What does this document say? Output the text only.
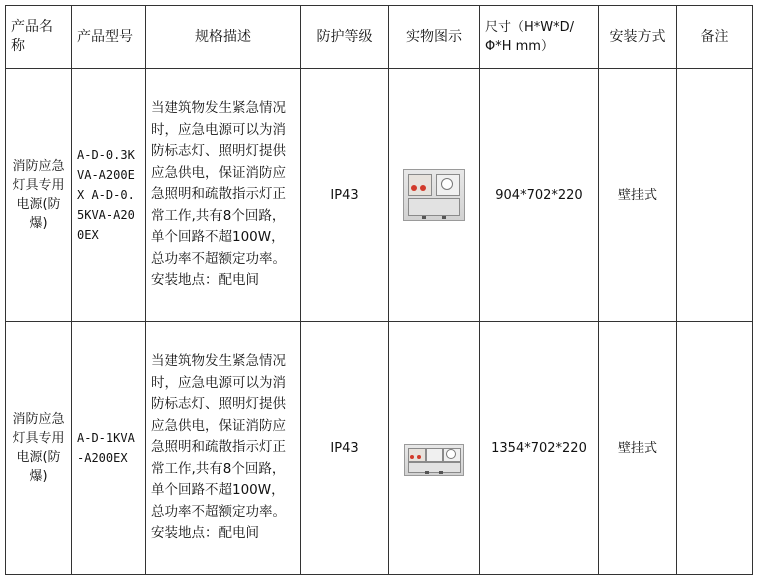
产品名称	产品型号	规格描述	防护等级	实物图示	尺寸（H*W*D/Φ*H mm）	安装方式	备注
消防应急灯具专用电源(防爆)	A-D-0.3KVA-A200EX A-D-0.5KVA-A200EX	当建筑物发生紧急情况时，应急电源可以为消防标志灯、照明灯提供应急供电，保证消防应急照明和疏散指示灯正常工作,共有8个回路，单个回路不超100W，总功率不超额定功率。安装地点：配电间	IP43		904*702*220	壁挂式	
消防应急灯具专用电源(防爆)	A-D-1KVA-A200EX	当建筑物发生紧急情况时，应急电源可以为消防标志灯、照明灯提供应急供电，保证消防应急照明和疏散指示灯正常工作,共有8个回路，单个回路不超100W，总功率不超额定功率。安装地点：配电间	IP43		1354*702*220	壁挂式	
